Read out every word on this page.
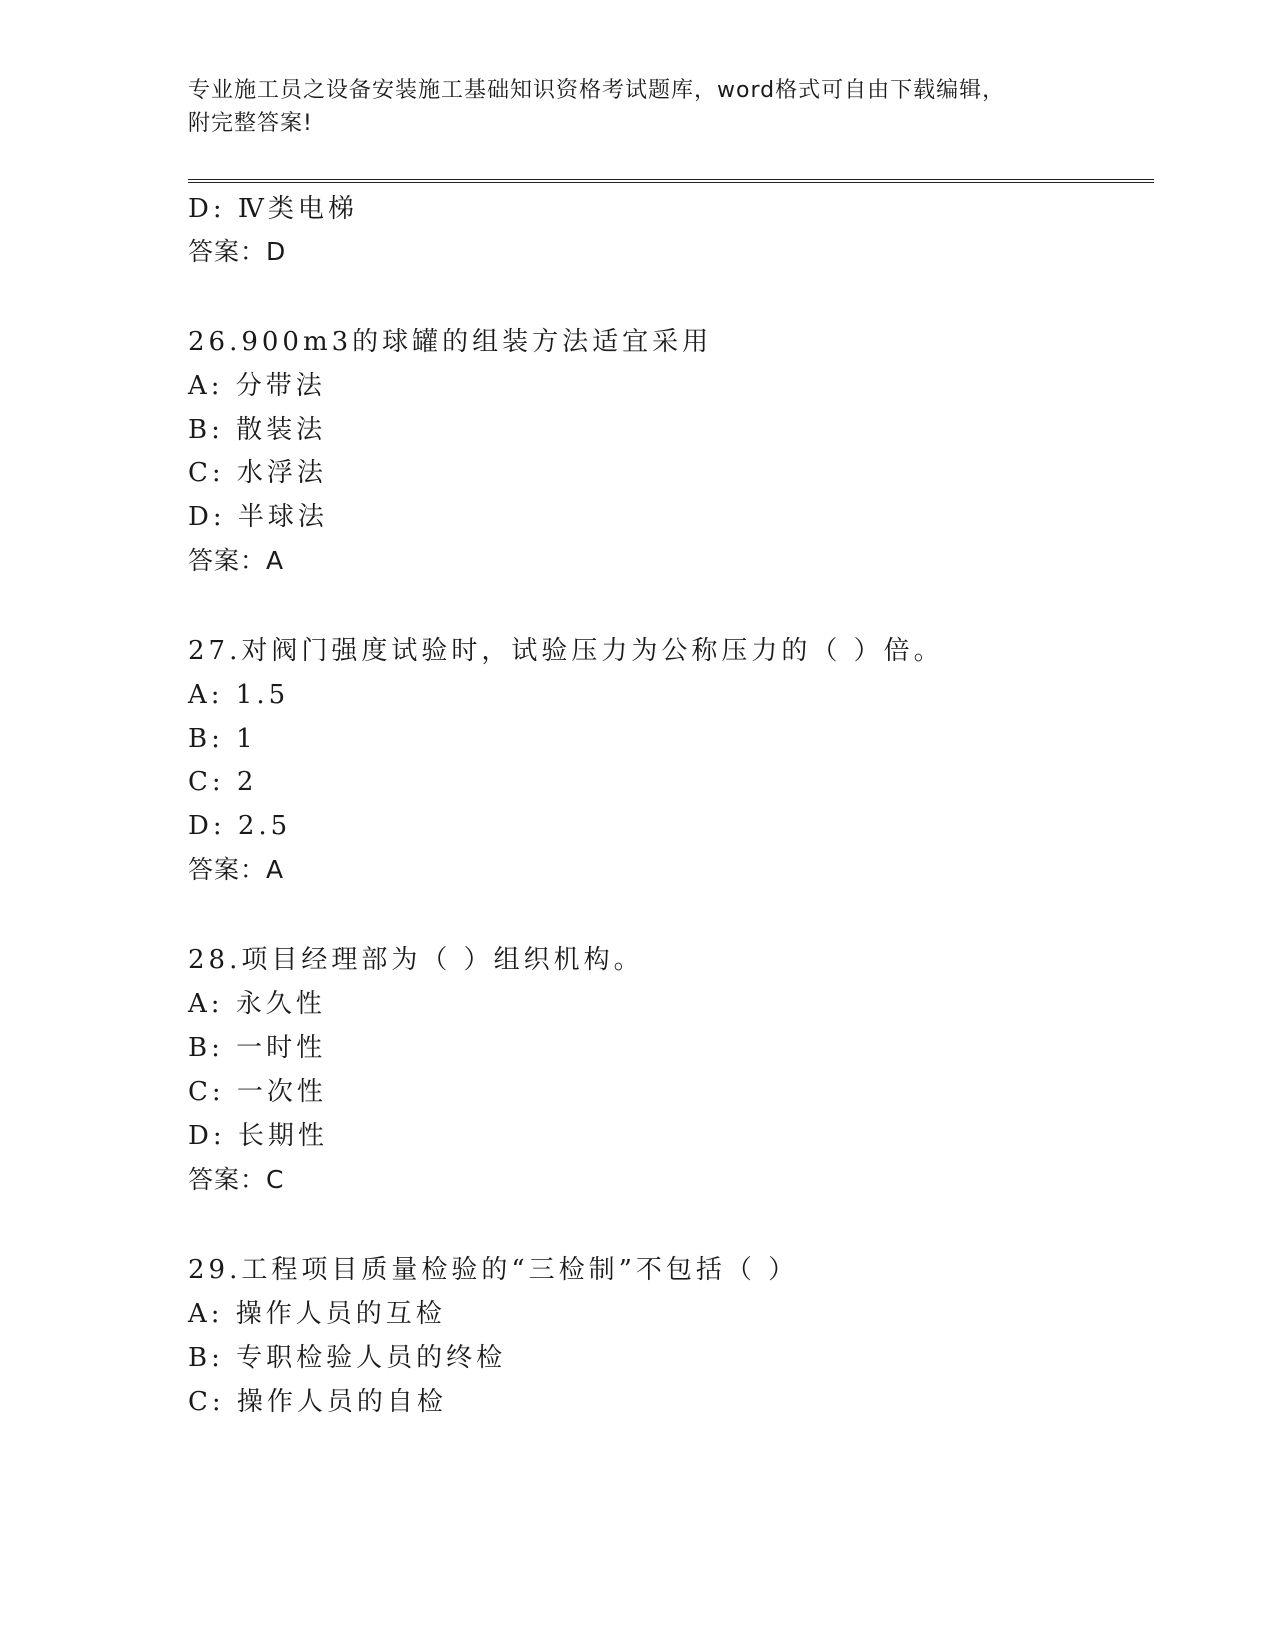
专业施工员之设备安装施工基础知识资格考试题库，word格式可自由下载编辑，
附完整答案!
D: Ⅳ类电梯
答案：D
26.900m3的球罐的组装方法适宜采用
A: 分带法
B: 散装法
C: 水浮法
D: 半球法
答案：A
27.对阀门强度试验时，试验压力为公称压力的（ ）倍。
A: 1.5
B: 1
C: 2
D: 2.5
答案：A
28.项目经理部为（ ）组织机构。
A: 永久性
B: 一时性
C: 一次性
D: 长期性
答案：C
29.工程项目质量检验的“三检制”不包括（ ）
A: 操作人员的互检
B: 专职检验人员的终检
C: 操作人员的自检
